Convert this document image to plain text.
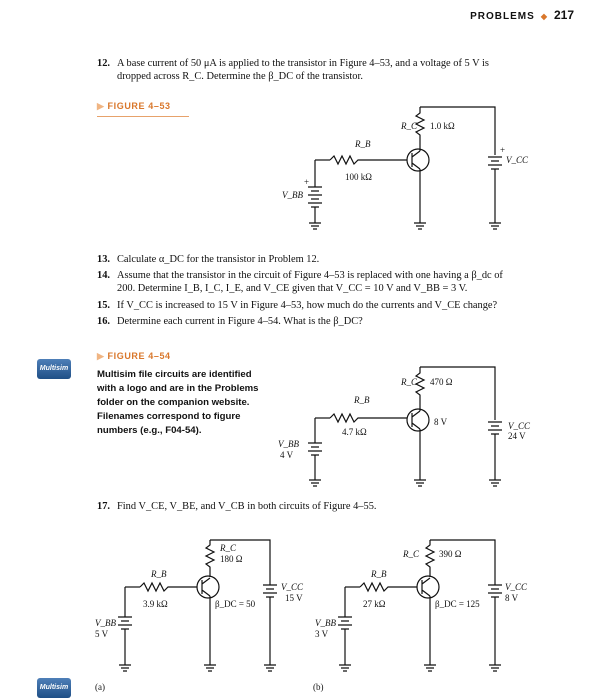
PROBLEMS ◆ 217
12. A base current of 50 μA is applied to the transistor in Figure 4–53, and a voltage of 5 V is
dropped across R_C. Determine the β_DC of the transistor.
▶ FIGURE 4–53
R_C 1.0 kΩ
R_B
100 kΩ
V_BB
+
V_CC
+
13. Calculate α_DC for the transistor in Problem 12.
14. Assume that the transistor in the circuit of Figure 4–53 is replaced with one having a β_dc of
200. Determine I_B, I_C, I_E, and V_CE given that V_CC = 10 V and V_BB = 3 V.
15. If V_CC is increased to 15 V in Figure 4–53, how much do the currents and V_CE change?
16. Determine each current in Figure 4–54. What is the β_DC?
Multisim
▶ FIGURE 4–54
Multisim file circuits are identified
with a logo and are in the Problems
folder on the companion website.
Filenames correspond to figure
numbers (e.g., F04-54).
R_C 470 Ω
R_B
4.7 kΩ
V_BB
4 V
8 V	V_CC
24 V
17. Find V_CE, V_BE, and V_CB in both circuits of Figure 4–55.
R_C
180 Ω
R_B
3.9 kΩ	β_DC = 50
V_CC
15 V
V_BB
5 V
(a)
R_C 390 Ω
R_B
27 kΩ	β_DC = 125
V_CC
8 V
V_BB
3 V
(b)
Multisim
